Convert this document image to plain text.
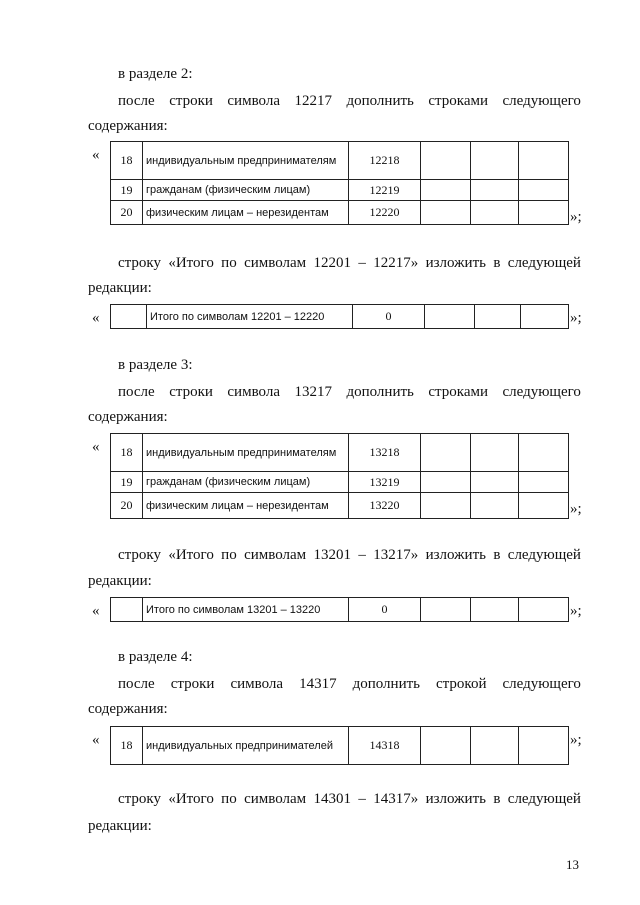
в разделе 2:
после строки символа 12217 дополнить строками следующего
содержания:
« 18	индивидуальным предпринимателям	12218			
19	гражданам (физическим лицам)	12219			
20	физическим лицам – нерезидентам	12220				»;
строку «Итого по символам 12201 – 12217» изложить в следующей
редакции:
«
		Итого по символам 12201 – 12220	0				»;
в разделе 3:
после строки символа 13217 дополнить строками следующего
содержания:
« 18	индивидуальным предпринимателям	13218			
19	гражданам (физическим лицам)	13219			
20	физическим лицам – нерезидентам	13220				»;
строку «Итого по символам 13201 – 13217» изложить в следующей
редакции:
«
		Итого по символам 13201 – 13220	0				»;
в разделе 4:
после строки символа 14317 дополнить строкой следующего
содержания:
« 18	индивидуальных предпринимателей	14318				»;
строку «Итого по символам 14301 – 14317» изложить в следующей
редакции:
13
